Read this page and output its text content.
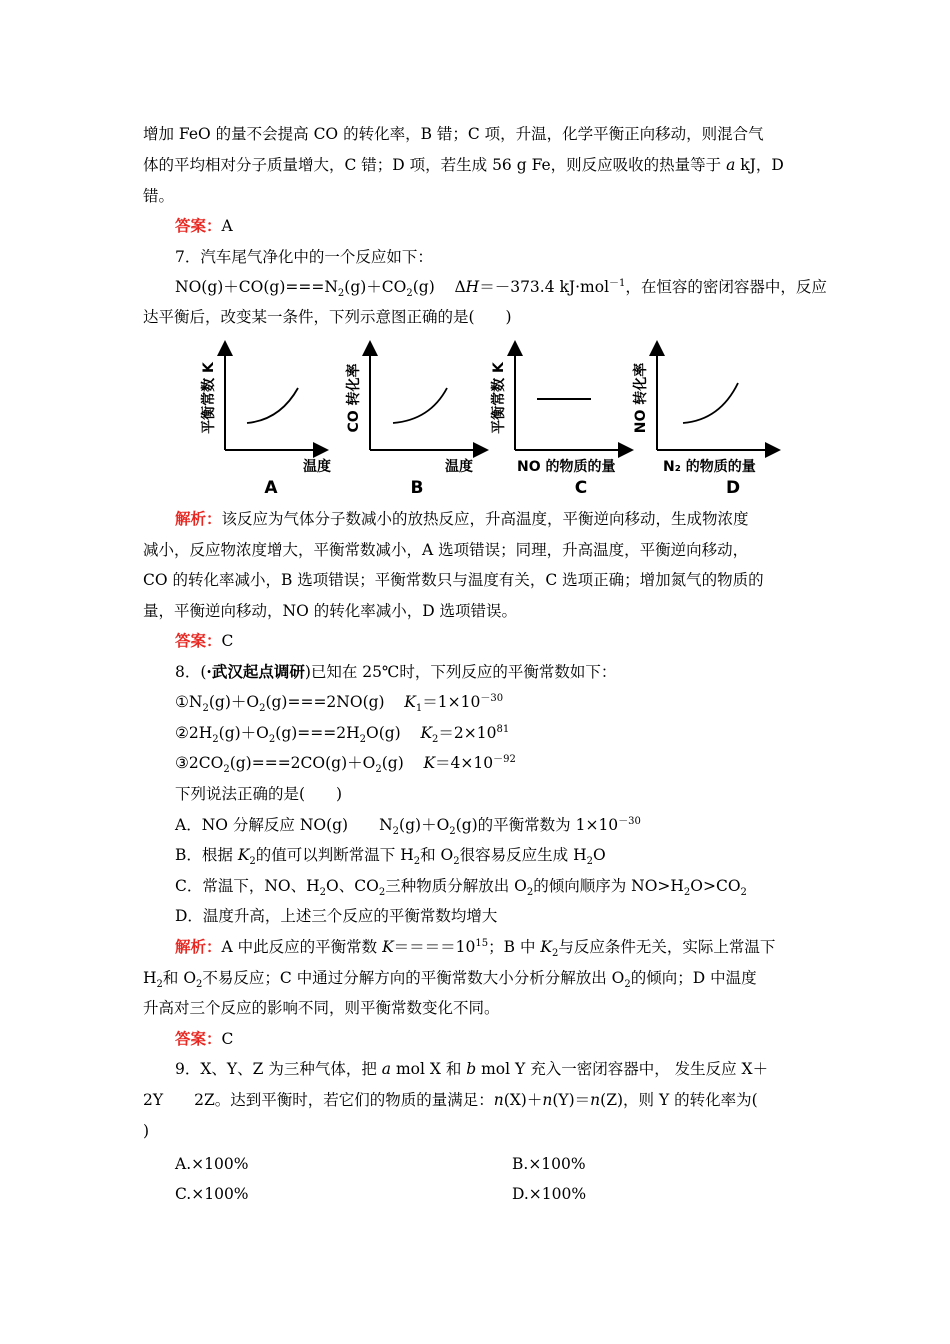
增加 FeO 的量不会提高 CO 的转化率，B 错；C 项，升温，化学平衡正向移动，则混合气
体的平均相对分子质量增大，C 错；D 项，若生成 56 g Fe，则反应吸收的热量等于 a kJ，D
错。
答案：A
7．汽车尾气净化中的一个反应如下：
$NO(g)+CO(g)===N_2(g)+CO_2(g)$    ΔH＝－373.4 kJ·mol$^{-1}$，在恒容的密闭容器中，反应
达平衡后，改变某一条件，下列示意图正确的是(　　)
平衡常数 K
温度
A
CO 转化率
温度
B
平衡常数 K
NO 的物质的量
C
NO 转化率
N₂ 的物质的量
D
解析：该反应为气体分子数减小的放热反应，升高温度，平衡逆向移动，生成物浓度
减小，反应物浓度增大，平衡常数减小，A 选项错误；同理，升高温度，平衡逆向移动，
CO 的转化率减小，B 选项错误；平衡常数只与温度有关，C 选项正确；增加氮气的物质的
量，平衡逆向移动，NO 的转化率减小，D 选项错误。
答案：C
8．(·武汉起点调研)已知在 25℃时，下列反应的平衡常数如下：
$①N_2(g)+O_2(g)===2NO(g)$    $K_1=1\times 10^{-30}$
$②2H_2(g)+O_2(g)===2H_2O(g)$    $K_2=2\times 10^{81}$
$③2CO_2(g)===2CO(g)+O_2(g)$    $K=4\times 10^{-92}$
下列说法正确的是(　　)
A．NO 分解反应 NO(g)　　$N_2(g)+O_2(g)$的平衡常数为 $1\times 10^{-30}$
B．根据 $K_2$的值可以判断常温下 $H_2$和 $O_2$很容易反应生成 $H_2O$
C．常温下，NO、$H_2O$、$CO_2$三种物质分解放出 $O_2$的倾向顺序为 $NO>H_2O>CO_2$
D．温度升高，上述三个反应的平衡常数均增大
解析：A 中此反应的平衡常数 $K====10^{15}$；B 中 $K_2$与反应条件无关，实际上常温下
$H_2$和 $O_2$不易反应；C 中通过分解方向的平衡常数大小分析分解放出 $O_2$的倾向；D 中温度
升高对三个反应的影响不同，则平衡常数变化不同。
答案：C
9．X、Y、Z 为三种气体，把 a mol X 和 b mol Y 充入一密闭容器中， 发生反应 X＋
2Y　　2Z。达到平衡时，若它们的物质的量满足：n(X)＋n(Y)＝n(Z)，则 Y 的转化率为(
)
A.×100%	B.×100%
C.×100%	D.×100%
